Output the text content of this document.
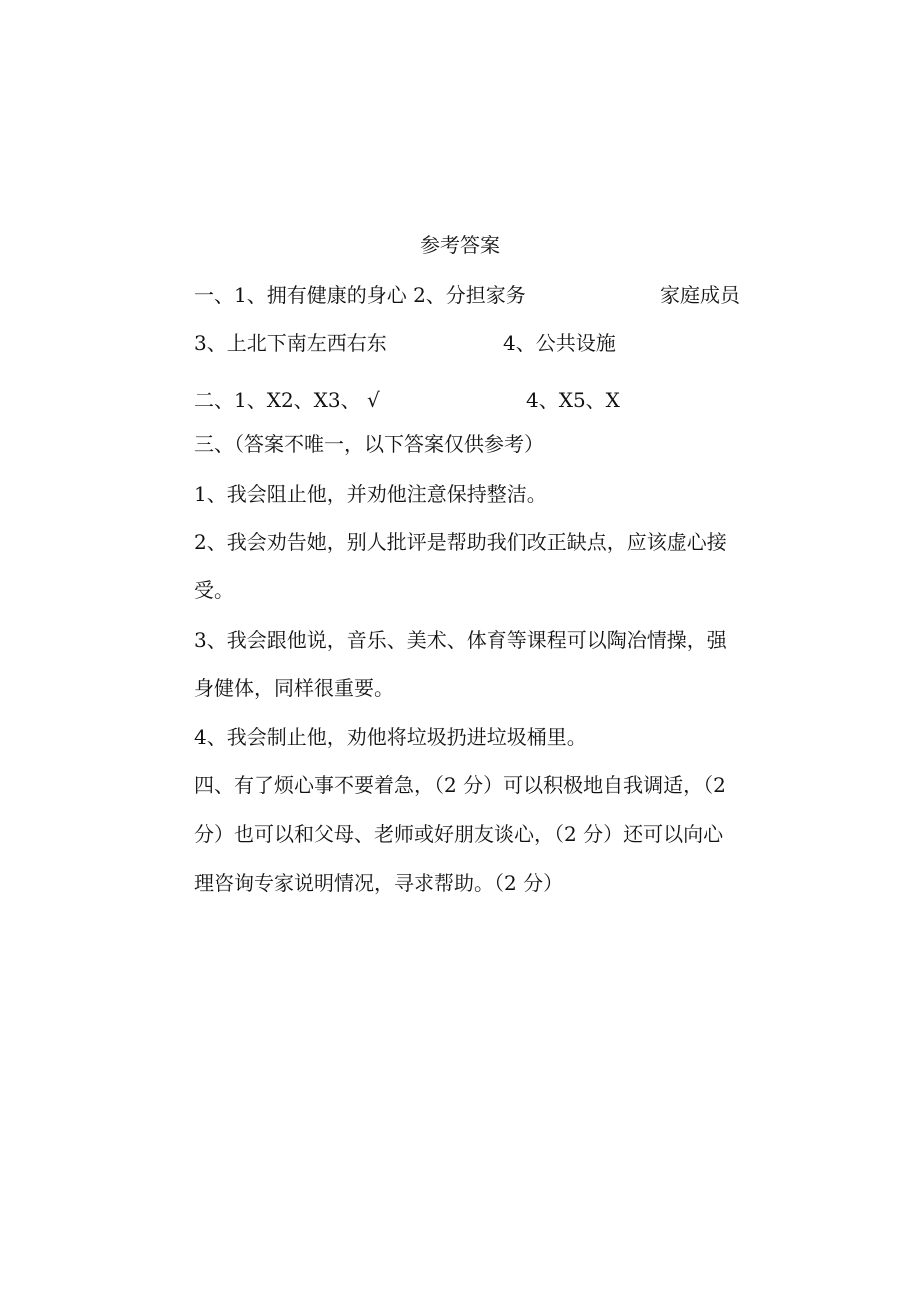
参考答案
一、1、拥有健康的身心 2、分担家务	家庭成员
3、上北下南左西右东	4、公共设施
二、1、X2、X3、 √	4、X5、X
三、（答案不唯一，以下答案仅供参考）
1、我会阻止他，并劝他注意保持整洁。
2、我会劝告她，别人批评是帮助我们改正缺点，应该虚心接
受。
3、我会跟他说，音乐、美术、体育等课程可以陶冶情操，强
身健体，同样很重要。
4、我会制止他，劝他将垃圾扔进垃圾桶里。
四、有了烦心事不要着急，（2 分）可以积极地自我调适，（2
分）也可以和父母、老师或好朋友谈心，（2 分）还可以向心
理咨询专家说明情况，寻求帮助。（2 分）
